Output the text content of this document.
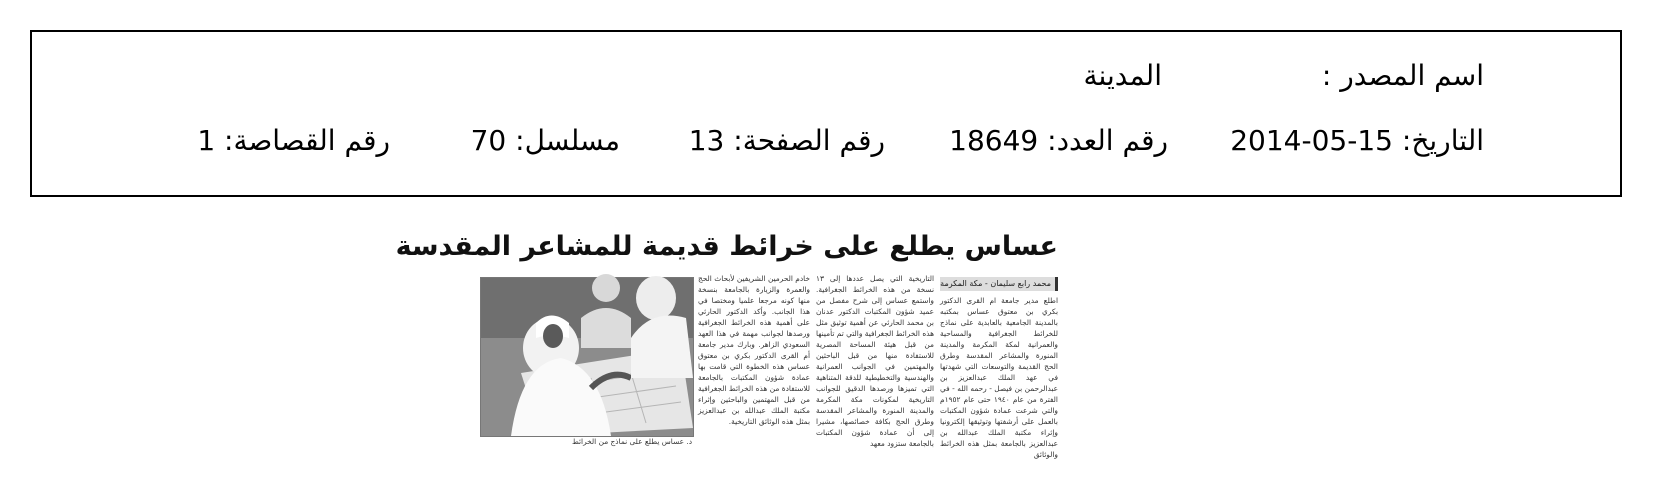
اسم المصدر :
المدينة
التاريخ: 15-05-2014
رقم العدد: 18649
رقم الصفحة: 13
مسلسل: 70
رقم القصاصة: 1
عساس يطلع على خرائط قديمة للمشاعر المقدسة
محمد رابع سليمان - مكة المكرمة
اطلع مدير جامعة ام القرى الدكتور بكري بن معتوق عساس بمكتبه بالمدينة الجامعية بالعابدية على نماذج للخرائط الجغرافية والمساحية والعمرانية لمكة المكرمة والمدينة المنورة والمشاعر المقدسة وطرق الحج القديمة والتوسعات التي شهدتها في عهد الملك عبدالعزيز بن عبدالرحمن بن فيصل - رحمه الله - في الفترة من عام ١٩٤٠ حتى عام ١٩٥٢م والتي شرعت عمادة شؤون المكتبات بالعمل على أرشفتها وتوثيقها إلكترونيا وإثراء مكتبة الملك عبدالله بن عبدالعزيز بالجامعة بمثل هذه الخرائط والوثائق
التاريخية التي يصل عددها إلى ١٣ نسخة من هذه الخرائط الجغرافية. واستمع عساس إلى شرح مفصل من عميد شؤون المكتبات الدكتور عدنان بن محمد الحارثي عن أهمية توثيق مثل هذه الخرائط الجغرافية والتي تم تأمينها من قبل هيئة المساحة المصرية للاستفادة منها من قبل الباحثين والمهتمين في الجوانب العمرانية والهندسية والتخطيطية للدقة المتناهية التي تميزها ورصدها الدقيق للجوانب التاريخية لمكونات مكة المكرمة والمدينة المنورة والمشاعر المقدسة وطرق الحج بكافة خصائصها، مشيرا إلى أن عمادة شؤون المكتبات بالجامعة ستزود معهد
خادم الحرمين الشريفين لأبحاث الحج والعمرة والزيارة بالجامعة بنسخة منها كونه مرجعا علميا ومختصا في هذا الجانب. وأكد الدكتور الحارثي على أهمية هذه الخرائط الجغرافية ورصدها لجوانب مهمة في هذا العهد السعودي الزاهر. وبارك مدير جامعة أم القرى الدكتور بكري بن معتوق عساس هذه الخطوة التي قامت بها عمادة شؤون المكتبات بالجامعة للاستفادة من هذه الخرائط الجغرافية من قبل المهتمين والباحثين وإثراء مكتبة الملك عبدالله بن عبدالعزيز بمثل هذه الوثائق التاريخية.
د. عساس يطلع على نماذج من الخرائط
